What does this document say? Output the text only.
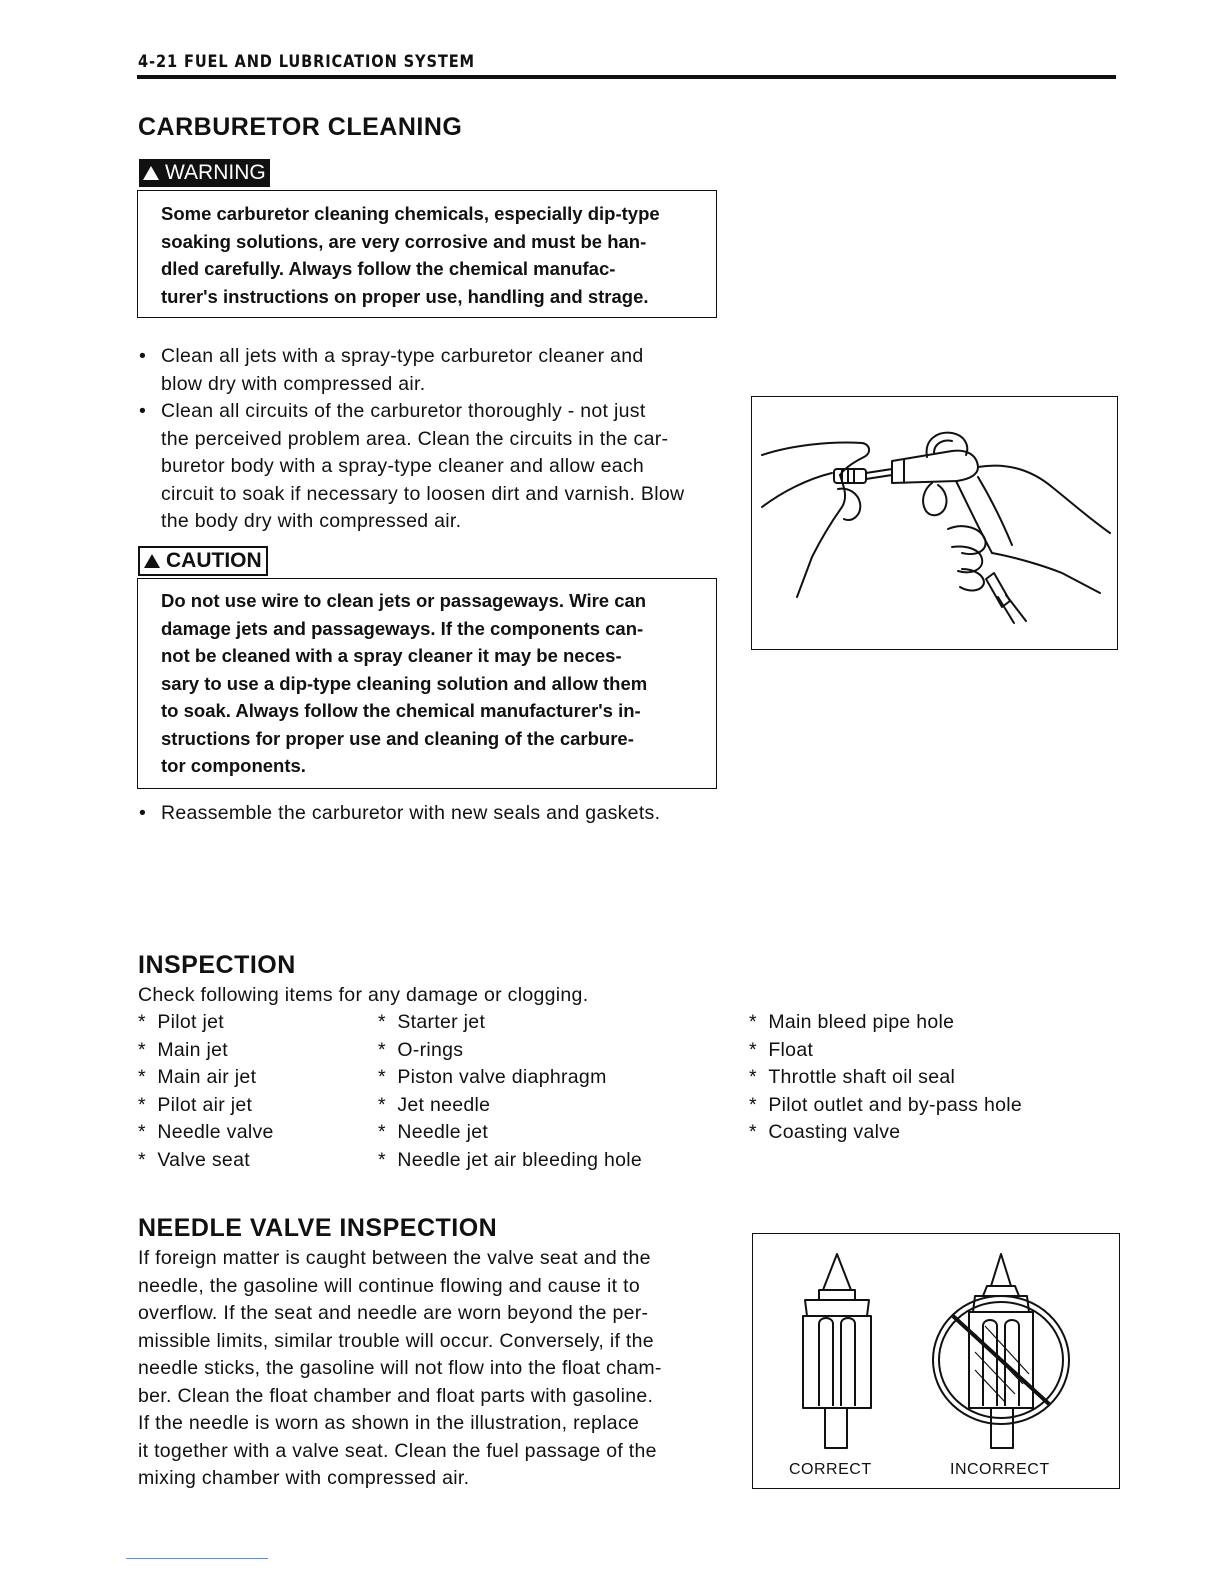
4-21 FUEL AND LUBRICATION SYSTEM
CARBURETOR CLEANING
WARNING
Some carburetor cleaning chemicals, especially dip-type
soaking solutions, are very corrosive and must be han-
dled carefully. Always follow the chemical manufac-
turer's instructions on proper use, handling and strage.
• Clean all jets with a spray-type carburetor cleaner and
blow dry with compressed air.
• Clean all circuits of the carburetor thoroughly - not just
the perceived problem area. Clean the circuits in the car-
buretor body with a spray-type cleaner and allow each
circuit to soak if necessary to loosen dirt and varnish. Blow
the body dry with compressed air.
CAUTION
Do not use wire to clean jets or passageways. Wire can
damage jets and passageways. If the components can-
not be cleaned with a spray cleaner it may be neces-
sary to use a dip-type cleaning solution and allow them
to soak. Always follow the chemical manufacturer's in-
structions for proper use and cleaning of the carbure-
tor components.
• Reassemble the carburetor with new seals and gaskets.
INSPECTION
Check following items for any damage or clogging.
*  Pilot jet
*  Main jet
*  Main air jet
*  Pilot air jet
*  Needle valve
*  Valve seat
*  Starter jet
*  O-rings
*  Piston valve diaphragm
*  Jet needle
*  Needle jet
*  Needle jet air bleeding hole
*  Main bleed pipe hole
*  Float
*  Throttle shaft oil seal
*  Pilot outlet and by-pass hole
*  Coasting valve
NEEDLE VALVE INSPECTION
If foreign matter is caught between the valve seat and the
needle, the gasoline will continue flowing and cause it to
overflow. If the seat and needle are worn beyond the per-
missible limits, similar trouble will occur. Conversely, if the
needle sticks, the gasoline will not flow into the float cham-
ber. Clean the float chamber and float parts with gasoline.
If the needle is worn as shown in the illustration, replace
it together with a valve seat. Clean the fuel passage of the
mixing chamber with compressed air.	CORRECT	INCORRECT
